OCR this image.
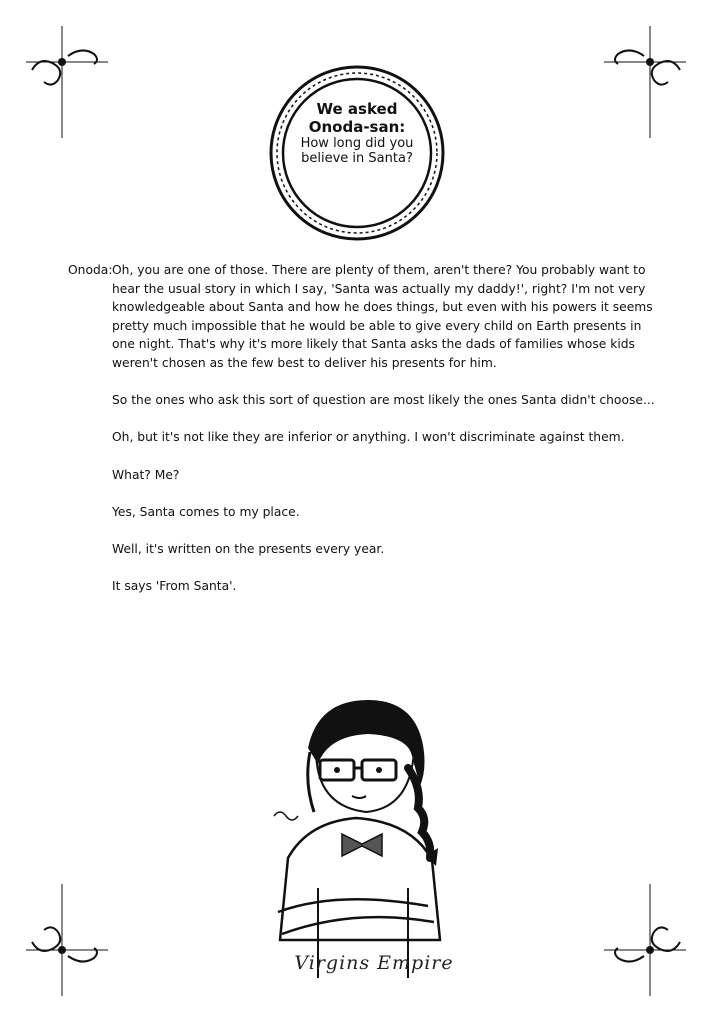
We asked
Onoda-san:
How long did you
believe in Santa?
Onoda: Oh, you are one of those. There are plenty of them, aren't there? You probably want to hear the usual story in which I say, 'Santa was actually my daddy!', right? I'm not very knowledgeable about Santa and how he does things, but even with his powers it seems pretty much impossible that he would be able to give every child on Earth presents in one night. That's why it's more likely that Santa asks the dads of families whose kids weren't chosen as the few best to deliver his presents for him.

So the ones who ask this sort of question are most likely the ones Santa didn't choose...

Oh, but it's not like they are inferior or anything. I won't discriminate against them.

What? Me?

Yes, Santa comes to my place.

Well, it's written on the presents every year.

It says 'From Santa'.

Virgins Empire
